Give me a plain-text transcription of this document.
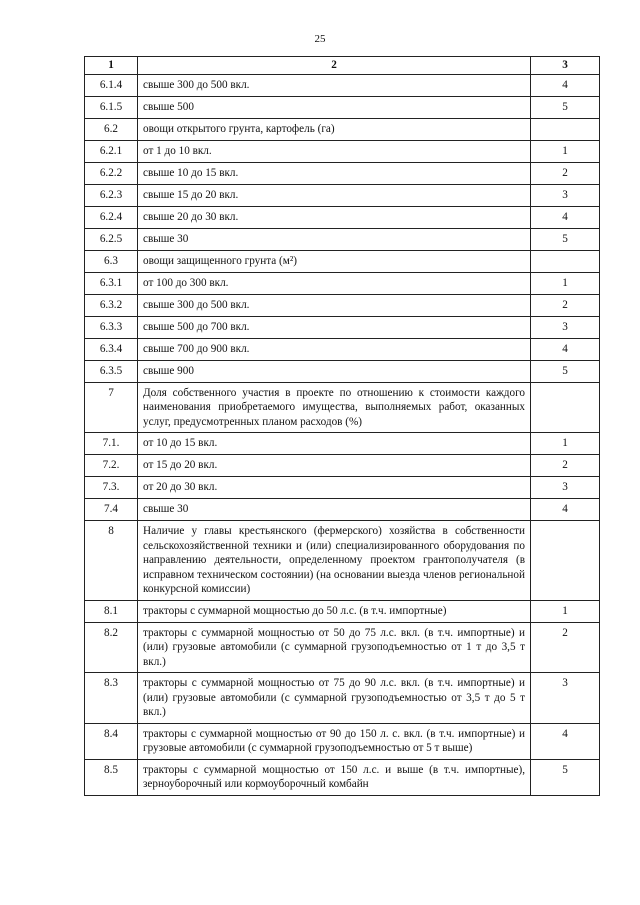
25
1	2	3
6.1.4	свыше 300 до 500 вкл.	4
6.1.5	свыше 500	5
6.2	овощи открытого грунта, картофель (га)	
6.2.1	от 1 до 10 вкл.	1
6.2.2	свыше 10 до 15 вкл.	2
6.2.3	свыше 15 до 20 вкл.	3
6.2.4	свыше 20 до 30 вкл.	4
6.2.5	свыше 30	5
6.3	овощи защищенного грунта (м²)	
6.3.1	от 100 до 300 вкл.	1
6.3.2	свыше 300 до 500 вкл.	2
6.3.3	свыше 500 до 700 вкл.	3
6.3.4	свыше 700 до 900 вкл.	4
6.3.5	свыше 900	5
7	Доля собственного участия в проекте по отношению к стоимости каждого наименования приобретаемого имущества, выполняемых работ, оказанных услуг, предусмотренных планом расходов (%)	
7.1.	от 10 до 15 вкл.	1
7.2.	от 15 до 20 вкл.	2
7.3.	от 20 до 30 вкл.	3
7.4	свыше 30	4
8	Наличие у главы крестьянского (фермерского) хозяйства в собственности сельскохозяйственной техники и (или) специализированного оборудования по направлению деятельности, определенному проектом грантополучателя (в исправном техническом состоянии) (на основании выезда членов региональной конкурсной комиссии)	
8.1	тракторы с суммарной мощностью до 50 л.с. (в т.ч. импортные)	1
8.2	тракторы с суммарной мощностью от 50 до 75 л.с. вкл. (в т.ч. импортные) и (или) грузовые автомобили (с суммарной грузоподъемностью от 1 т до 3,5 т вкл.)	2
8.3	тракторы с суммарной мощностью от 75 до 90 л.с. вкл. (в т.ч. импортные) и (или) грузовые автомобили (с суммарной грузоподъемностью от 3,5 т до 5 т вкл.)	3
8.4	тракторы с суммарной мощностью от 90 до 150 л. с. вкл. (в т.ч. импортные) и грузовые автомобили (с суммарной грузоподъемностью от 5 т выше)	4
8.5	тракторы с суммарной мощностью от 150 л.с. и выше (в т.ч. импортные), зерноуборочный или кормоуборочный комбайн	5
